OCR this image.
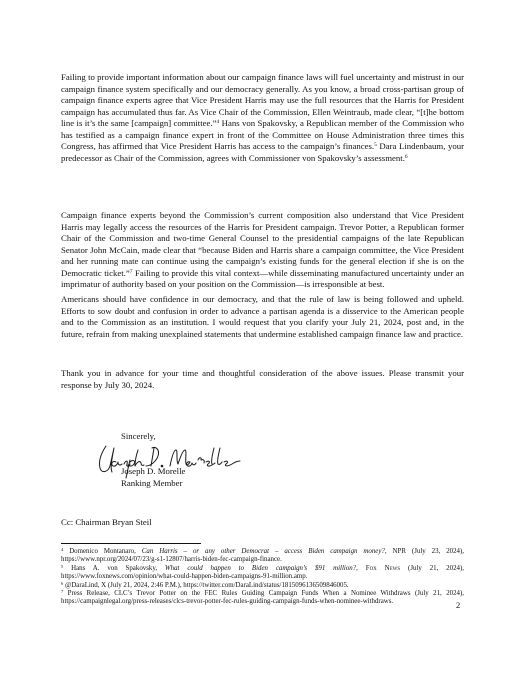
Failing to provide important information about our campaign finance laws will fuel uncertainty and mistrust in our campaign finance system specifically and our democracy generally. As you know, a broad cross-partisan group of campaign finance experts agree that Vice President Harris may use the full resources that the Harris for President campaign has accumulated thus far. As Vice Chair of the Commission, Ellen Weintraub, made clear, “[t]he bottom line is it’s the same [campaign] committee.”$^4$ Hans von Spakovsky, a Republican member of the Commission who has testified as a campaign finance expert in front of the Committee on House Administration three times this Congress, has affirmed that Vice President Harris has access to the campaign’s finances.$^5$ Dara Lindenbaum, your predecessor as Chair of the Commission, agrees with Commissioner von Spakovsky’s assessment.$^6$

Campaign finance experts beyond the Commission’s current composition also understand that Vice President Harris may legally access the resources of the Harris for President campaign. Trevor Potter, a Republican former Chair of the Commission and two-time General Counsel to the presidential campaigns of the late Republican Senator John McCain, made clear that “because Biden and Harris share a campaign committee, the Vice President and her running mate can continue using the campaign’s existing funds for the general election if she is on the Democratic ticket.”$^7$ Failing to provide this vital context—while disseminating manufactured uncertainty under an imprimatur of authority based on your position on the Commission—is irresponsible at best.

Americans should have confidence in our democracy, and that the rule of law is being followed and upheld. Efforts to sow doubt and confusion in order to advance a partisan agenda is a disservice to the American people and to the Commission as an institution. I would request that you clarify your July 21, 2024, post and, in the future, refrain from making unexplained statements that undermine established campaign finance law and practice.

Thank you in advance for your time and thoughtful consideration of the above issues. Please transmit your response by July 30, 2024.

Sincerely,
Joseph D. Morelle
Ranking Member
Cc: Chairman Bryan Steil

$^4$ Domenico Montanaro, Can Harris – or any other Democrat – access Biden campaign money?, NPR (July 23, 2024), https://www.npr.org/2024/07/23/g-s1-12807/harris-biden-fec-campaign-finance.

$^5$ Hans A. von Spakovsky, What could happen to Biden campaign’s $91 million?, Fox News (July 21, 2024), https://www.foxnews.com/opinion/what-could-happen-biden-campaigns-91-million.amp.

$^6$ @DaraLind, X (July 21, 2024, 2:46 P.M.), https://twitter.com/DaraLind/status/1815096136509846005.

$^7$ Press Release, CLC’s Trevor Potter on the FEC Rules Guiding Campaign Funds When a Nominee Withdraws (July 21, 2024), https://campaignlegal.org/press-releases/clcs-trevor-potter-fec-rules-guiding-campaign-funds-when-nominee-withdraws.	2
